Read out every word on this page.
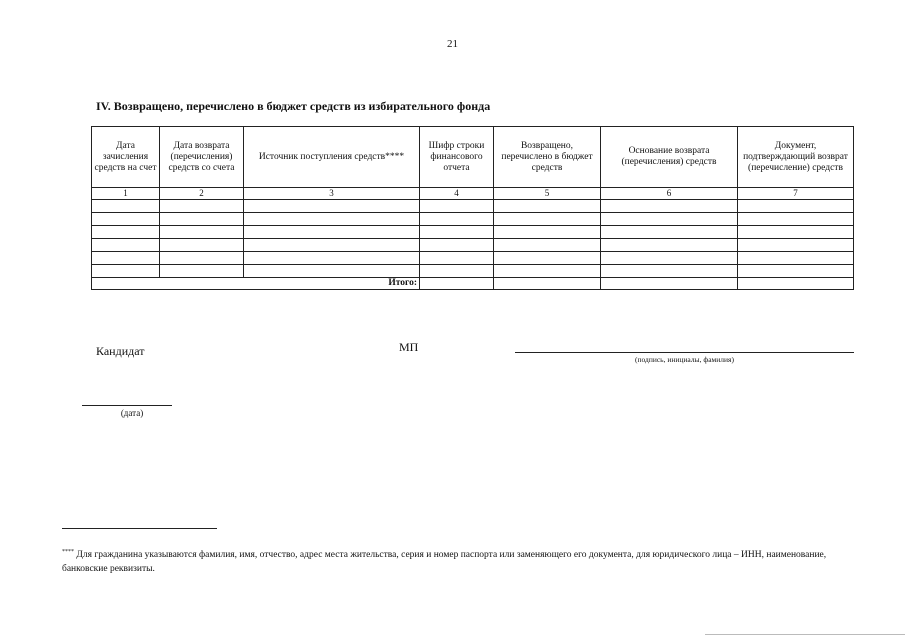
21
IV. Возвращено, перечислено в бюджет средств из избирательного фонда
Дата зачисления средств на счет	Дата возврата (перечисления) средств со счета	Источник поступления средств****	Шифр строки финансового отчета	Возвращено, перечислено в бюджет средств	Основание возврата (перечисления) средств	Документ, подтверждающий возврат (перечисление) средств
1	2	3	4	5	6	7

Итого:						
Кандидат	МП
(подпись, инициалы, фамилия)
(дата)
**** Для гражданина указываются фамилия, имя, отчество, адрес места жительства, серия и номер паспорта или заменяющего его документа, для юридического лица – ИНН, наименование, банковские реквизиты.
